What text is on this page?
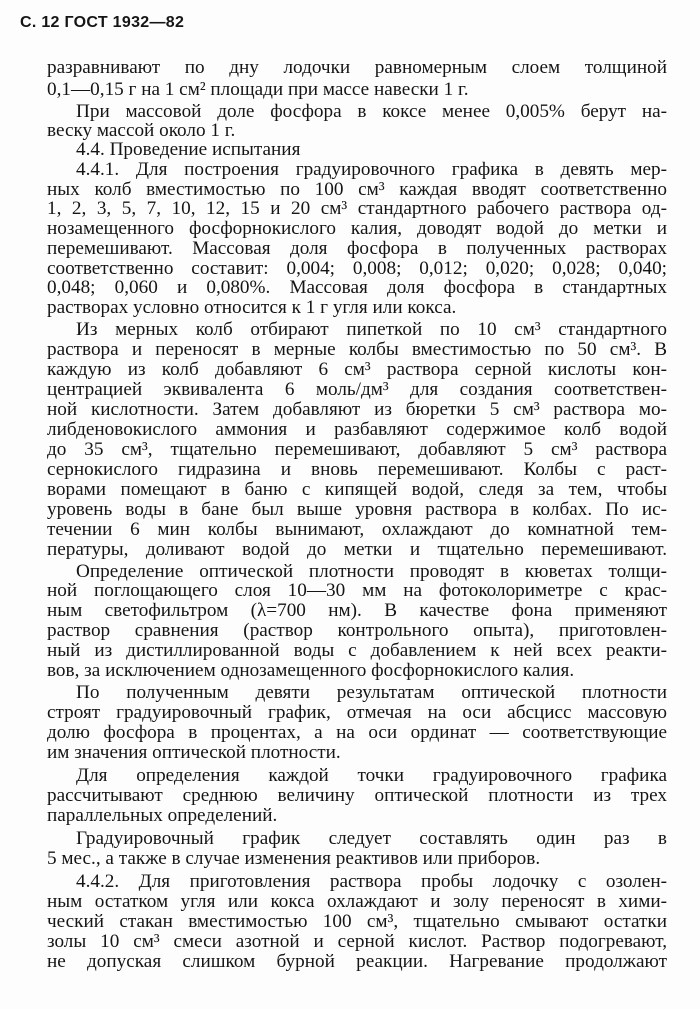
С. 12 ГОСТ 1932—82
разравнивают по дну лодочки равномерным слоем толщиной
0,1—0,15 г на 1 см² площади при массе навески 1 г.
При массовой доле фосфора в коксе менее 0,005% берут на-
веску массой около 1 г.
4.4. Проведение испытания
4.4.1. Для построения градуировочного графика в девять мер-
ных колб вместимостью по 100 см³ каждая вводят соответственно
1, 2, 3, 5, 7, 10, 12, 15 и 20 см³ стандартного рабочего раствора од-
нозамещенного фосфорнокислого калия, доводят водой до метки и
перемешивают. Массовая доля фосфора в полученных растворах
соответственно составит: 0,004; 0,008; 0,012; 0,020; 0,028; 0,040;
0,048; 0,060 и 0,080%. Массовая доля фосфора в стандартных
растворах условно относится к 1 г угля или кокса.
Из мерных колб отбирают пипеткой по 10 см³ стандартного
раствора и переносят в мерные колбы вместимостью по 50 см³. В
каждую из колб добавляют 6 см³ раствора серной кислоты кон-
центрацией эквивалента 6 моль/дм³ для создания соответствен-
ной кислотности. Затем добавляют из бюретки 5 см³ раствора мо-
либденовокислого аммония и разбавляют содержимое колб водой
до 35 см³, тщательно перемешивают, добавляют 5 см³ раствора
сернокислого гидразина и вновь перемешивают. Колбы с раст-
ворами помещают в баню с кипящей водой, следя за тем, чтобы
уровень воды в бане был выше уровня раствора в колбах. По ис-
течении 6 мин колбы вынимают, охлаждают до комнатной тем-
пературы, доливают водой до метки и тщательно перемешивают.
Определение оптической плотности проводят в кюветах толщи-
ной поглощающего слоя 10—30 мм на фотоколориметре с крас-
ным светофильтром (λ=700 нм). В качестве фона применяют
раствор сравнения (раствор контрольного опыта), приготовлен-
ный из дистиллированной воды с добавлением к ней всех реакти-
вов, за исключением однозамещенного фосфорнокислого калия.
По полученным девяти результатам оптической плотности
строят градуировочный график, отмечая на оси абсцисс массовую
долю фосфора в процентах, а на оси ординат — соответствующие
им значения оптической плотности.
Для определения каждой точки градуировочного графика
рассчитывают среднюю величину оптической плотности из трех
параллельных определений.
Градуировочный график следует составлять один раз в
5 мес., а также в случае изменения реактивов или приборов.
4.4.2. Для приготовления раствора пробы лодочку с озолен-
ным остатком угля или кокса охлаждают и золу переносят в хими-
ческий стакан вместимостью 100 см³, тщательно смывают остатки
золы 10 см³ смеси азотной и серной кислот. Раствор подогревают,
не допуская слишком бурной реакции. Нагревание продолжают
